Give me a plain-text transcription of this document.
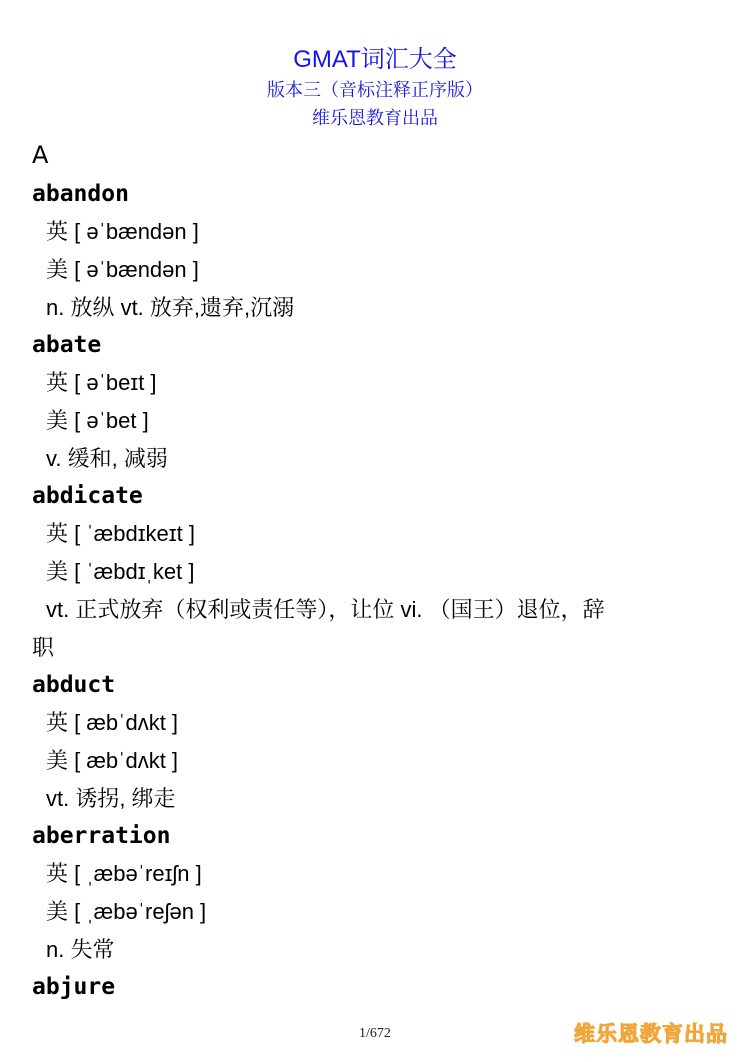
GMAT词汇大全
版本三（音标注释正序版）
维乐恩教育出品
A
abandon
英 [ əˈbændən ]
美 [ əˈbændən ]
n. 放纵 vt. 放弃,遗弃,沉溺
abate
英 [ əˈbeɪt ]
美 [ əˈbet ]
v. 缓和, 减弱
abdicate
英 [ ˈæbdɪkeɪt ]
美 [ ˈæbdɪˌket ]
vt. 正式放弃（权利或责任等），让位 vi. （国王）退位，辞
职
abduct
英 [ æbˈdʌkt ]
美 [ æbˈdʌkt ]
vt. 诱拐, 绑走
aberration
英 [ ˌæbəˈreɪʃn ]
美 [ ˌæbəˈreʃən ]
n. 失常
abjure
1/672	维乐恩教育出品
